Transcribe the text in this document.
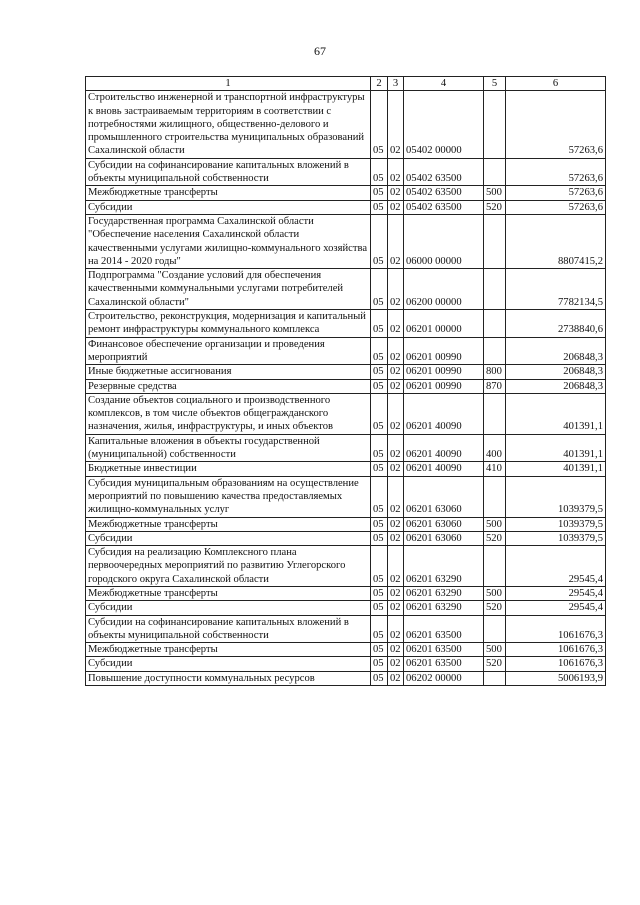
67
1	2	3	4	5	6
Строительство инженерной и транспортной инфраструктуры к вновь застраиваемым территориям в соответствии с потребностями жилищного, общественно-делового и промышленного строительства муниципальных образований Сахалинской области	05	02	05402 00000		57263,6
Субсидии на софинансирование капитальных вложений в объекты муниципальной собственности	05	02	05402 63500		57263,6
Межбюджетные трансферты	05	02	05402 63500	500	57263,6
Субсидии	05	02	05402 63500	520	57263,6
Государственная программа Сахалинской области "Обеспечение населения Сахалинской области качественными услугами жилищно-коммунального хозяйства на 2014 - 2020 годы"	05	02	06000 00000		8807415,2
Подпрограмма "Создание условий для обеспечения качественными коммунальными услугами потребителей Сахалинской области"	05	02	06200 00000		7782134,5
Строительство, реконструкция, модернизация и капитальный ремонт инфраструктуры коммунального комплекса	05	02	06201 00000		2738840,6
Финансовое обеспечение организации и проведения мероприятий	05	02	06201 00990		206848,3
Иные бюджетные ассигнования	05	02	06201 00990	800	206848,3
Резервные средства	05	02	06201 00990	870	206848,3
Создание объектов социального и производственного комплексов, в том числе объектов общегражданского назначения, жилья, инфраструктуры, и иных объектов	05	02	06201 40090		401391,1
Капитальные вложения в объекты государственной (муниципальной) собственности	05	02	06201 40090	400	401391,1
Бюджетные инвестиции	05	02	06201 40090	410	401391,1
Субсидия муниципальным образованиям на осуществление мероприятий по повышению качества предоставляемых жилищно-коммунальных услуг	05	02	06201 63060		1039379,5
Межбюджетные трансферты	05	02	06201 63060	500	1039379,5
Субсидии	05	02	06201 63060	520	1039379,5
Субсидия на реализацию Комплексного плана первоочередных мероприятий по развитию Углегорского городского округа Сахалинской области	05	02	06201 63290		29545,4
Межбюджетные трансферты	05	02	06201 63290	500	29545,4
Субсидии	05	02	06201 63290	520	29545,4
Субсидии на софинансирование капитальных вложений в объекты муниципальной собственности	05	02	06201 63500		1061676,3
Межбюджетные трансферты	05	02	06201 63500	500	1061676,3
Субсидии	05	02	06201 63500	520	1061676,3
Повышение доступности коммунальных ресурсов	05	02	06202 00000		5006193,9
